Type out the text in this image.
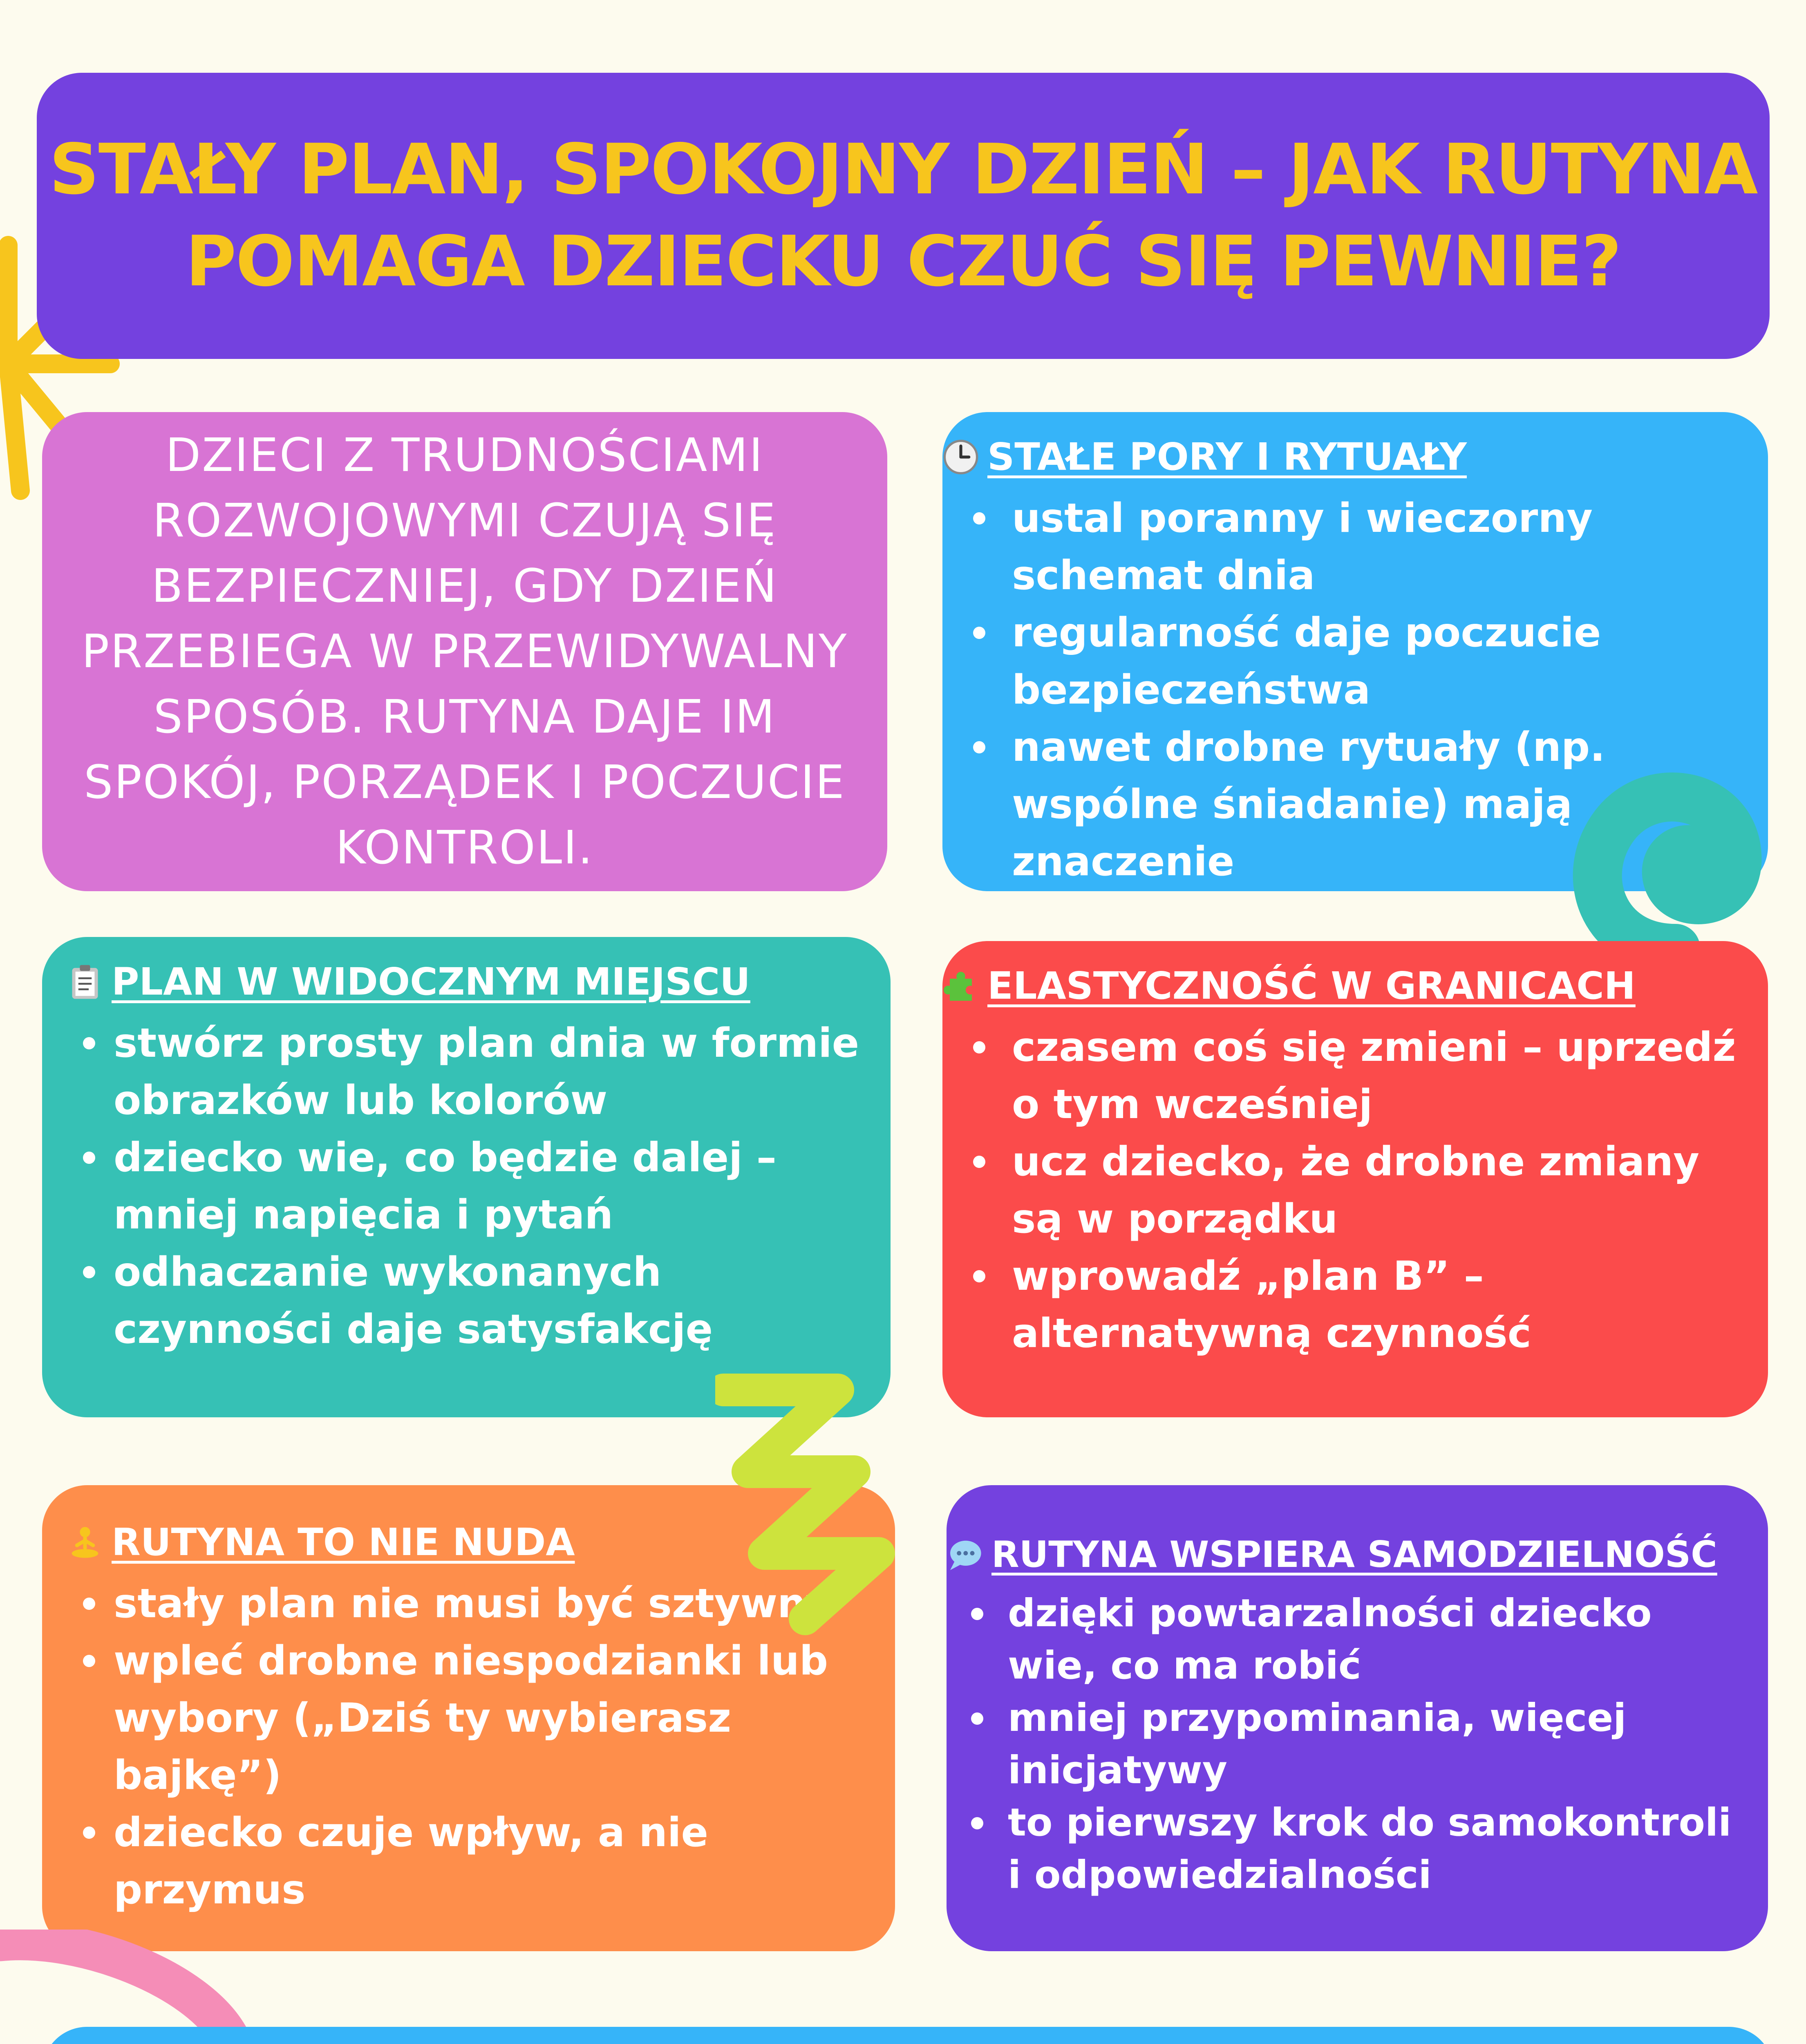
STAŁY PLAN, SPOKOJNY DZIEŃ – JAK RUTYNA POMAGA DZIECKU CZUĆ SIĘ PEWNIE?

DZIECI Z TRUDNOŚCIAMI ROZWOJOWYMI CZUJĄ SIĘ BEZPIECZNIEJ, GDY DZIEŃ PRZEBIEGA W PRZEWIDYWALNY SPOSÓB. RUTYNA DAJE IM SPOKÓJ, PORZĄDEK I POCZUCIE KONTROLI.

STAŁE PORY I RYTUAŁY
ustal poranny i wieczorny schemat dnia
regularność daje poczucie bezpieczeństwa
nawet drobne rytuały (np. wspólne śniadanie) mają znaczenie
PLAN W WIDOCZNYM MIEJSCU
stwórz prosty plan dnia w formie obrazków lub kolorów
dziecko wie, co będzie dalej – mniej napięcia i pytań
odhaczanie wykonanych czynności daje satysfakcję
ELASTYCZNOŚĆ W GRANICACH
czasem coś się zmieni – uprzedź o tym wcześniej
ucz dziecko, że drobne zmiany są w porządku
wprowadź „plan B” – alternatywną czynność
RUTYNA TO NIE NUDA
stały plan nie musi być sztywny
wpleć drobne niespodzianki lub wybory („Dziś ty wybierasz bajkę”)
dziecko czuje wpływ, a nie przymus
RUTYNA WSPIERA SAMODZIELNOŚĆ
dzięki powtarzalności dziecko wie, co ma robić
mniej przypominania, więcej inicjatywy
to pierwszy krok do samokontroli i odpowiedzialności
